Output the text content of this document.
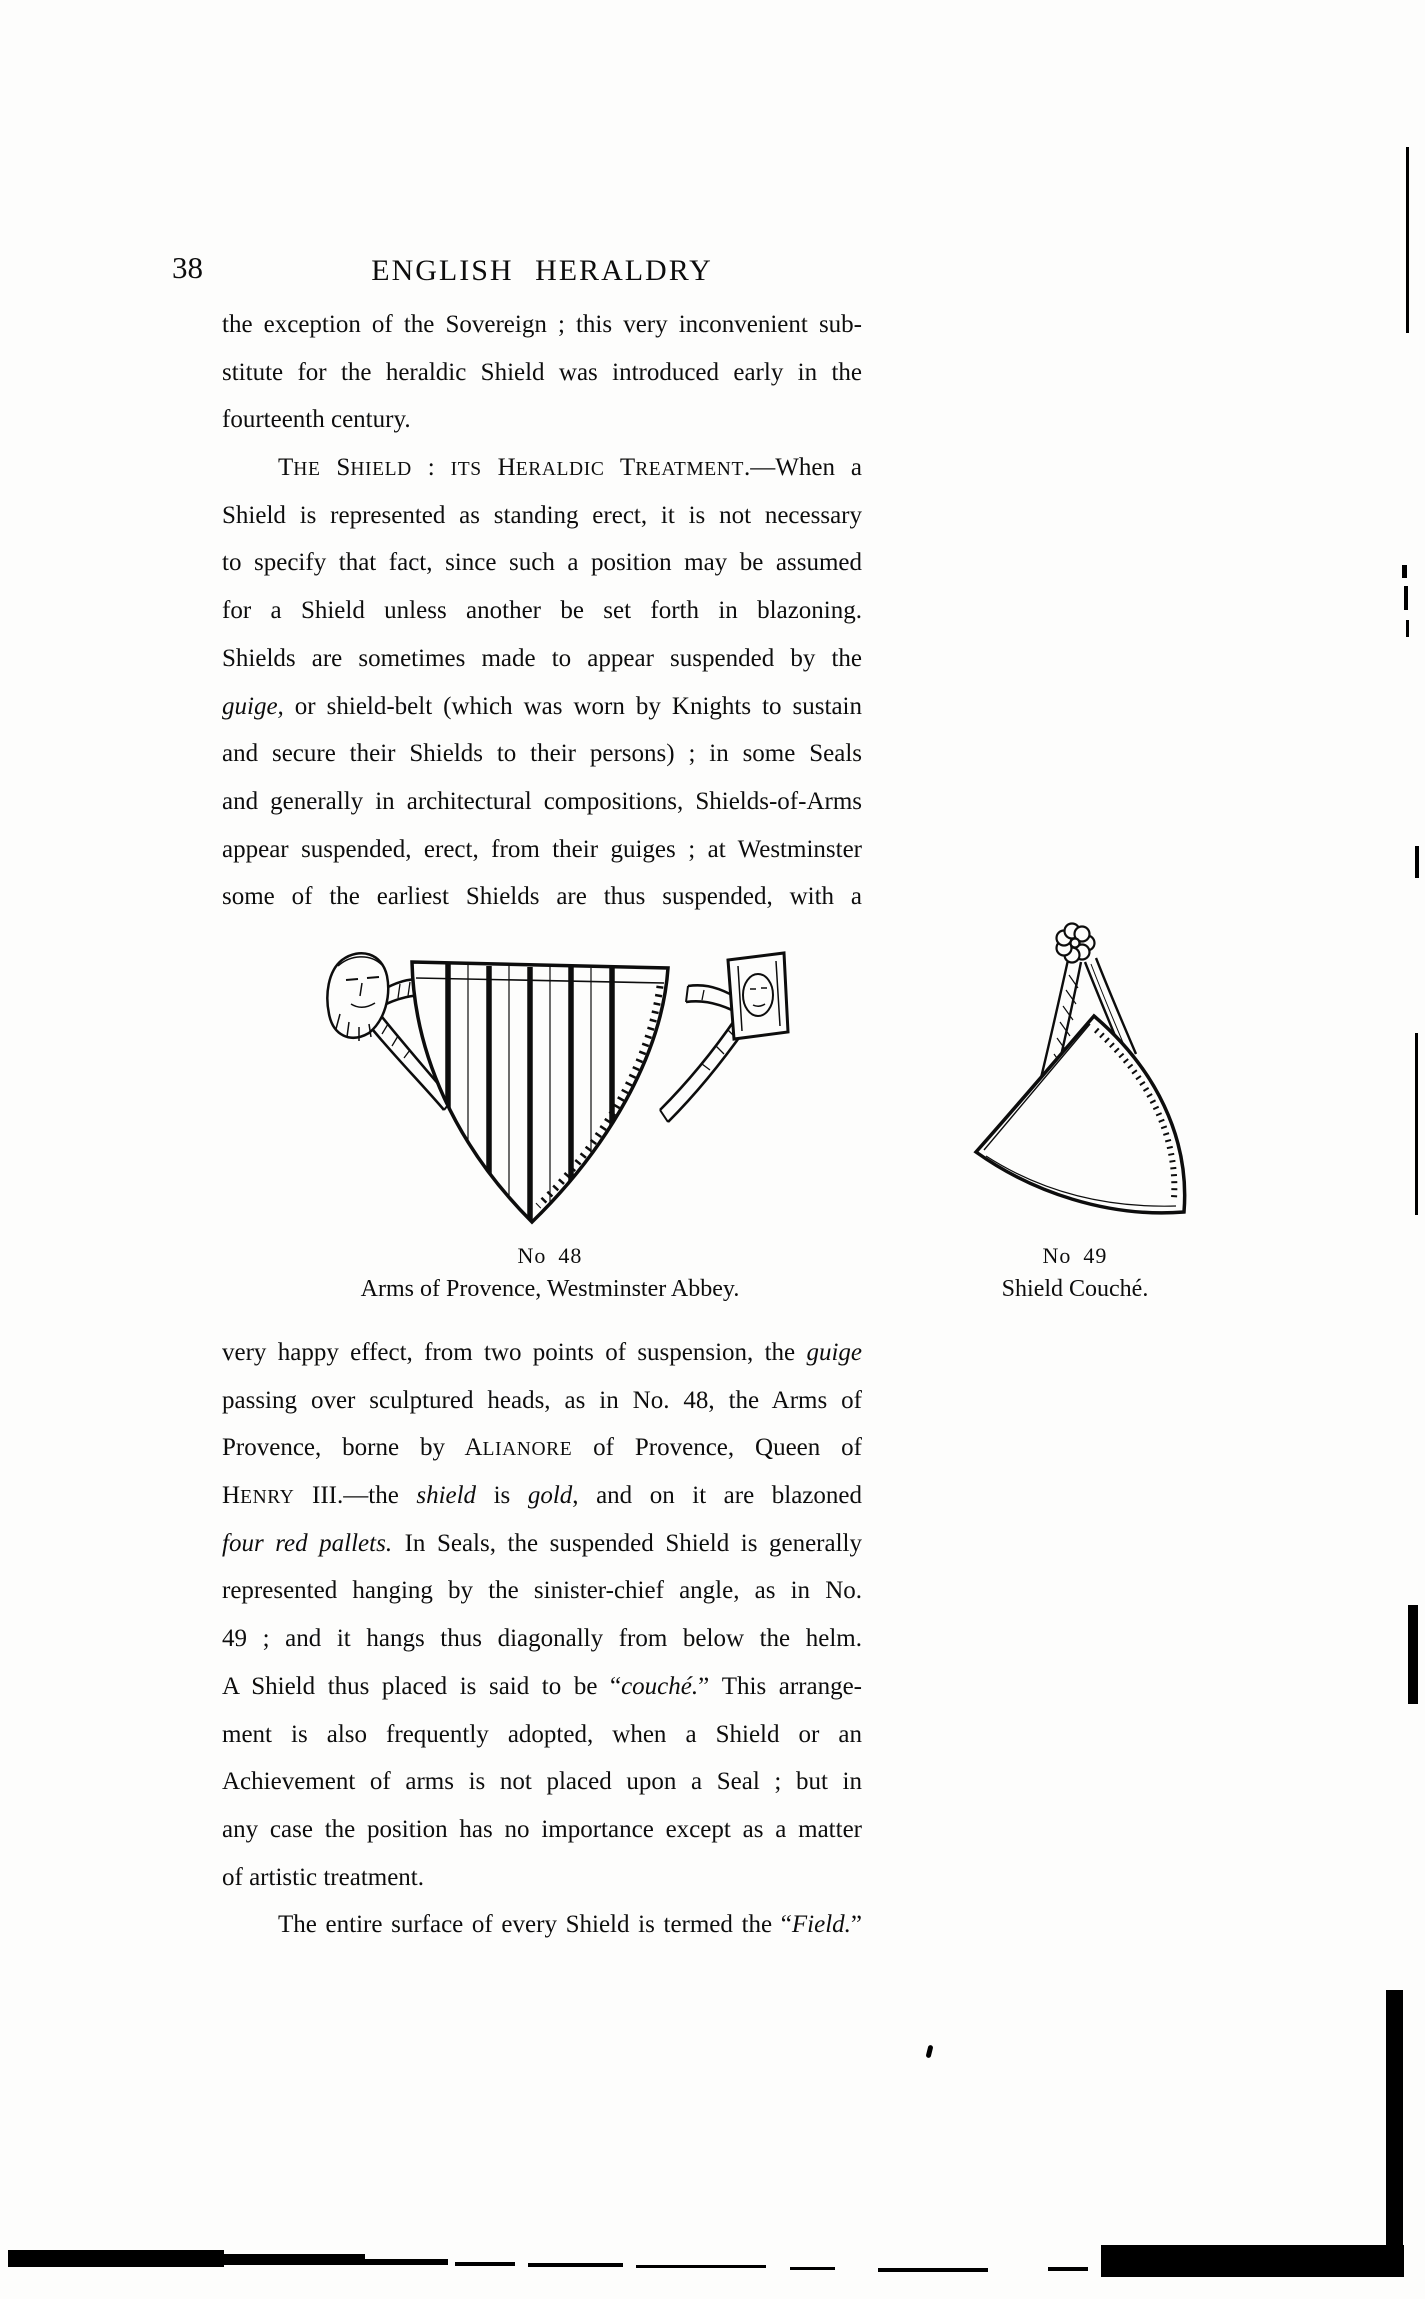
38	ENGLISH HERALDRY
the exception of the Sovereign ; this very inconvenient sub-
stitute for the heraldic Shield was introduced early in the
fourteenth century.
THE SHIELD : ITS HERALDIC TREATMENT.—When a
Shield is represented as standing erect, it is not necessary
to specify that fact, since such a position may be assumed
for a Shield unless another be set forth in blazoning.
Shields are sometimes made to appear suspended by the
guige, or shield-belt (which was worn by Knights to sustain
and secure their Shields to their persons) ; in some Seals
and generally in architectural compositions, Shields-of-Arms
appear suspended, erect, from their guiges ; at Westminster
some of the earliest Shields are thus suspended, with a
very happy effect, from two points of suspension, the guige
passing over sculptured heads, as in No. 48, the Arms of
Provence, borne by ALIANORE of Provence, Queen of
HENRY III.—the shield is gold, and on it are blazoned
four red pallets. In Seals, the suspended Shield is generally
represented hanging by the sinister-chief angle, as in No.
49 ; and it hangs thus diagonally from below the helm.
A Shield thus placed is said to be “couché.” This arrange-
ment is also frequently adopted, when a Shield or an
Achievement of arms is not placed upon a Seal ; but in
any case the position has no importance except as a matter
of artistic treatment.
The entire surface of every Shield is termed the “Field.”
No 48
Arms of Provence, Westminster Abbey.
No 49
Shield Couché.
